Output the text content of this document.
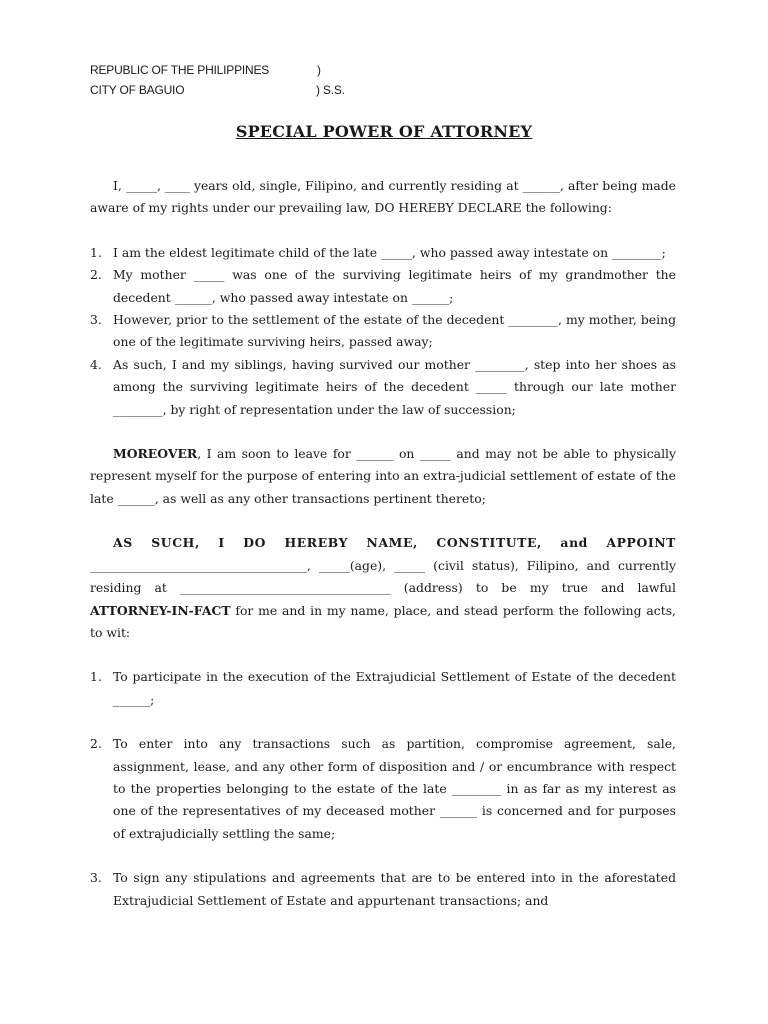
REPUBLIC OF THE PHILIPPINES	)
CITY OF BAGUIO	) S.S.
SPECIAL POWER OF ATTORNEY

I, _____, ____ years old, single, Filipino, and currently residing at ______, after being made aware of my rights under our prevailing law, DO HEREBY DECLARE the following:

1. I am the eldest legitimate child of the late _____, who passed away intestate on ________;
2. My mother _____ was one of the surviving legitimate heirs of my grandmother the decedent ______, who passed away intestate on ______;
3. However, prior to the settlement of the estate of the decedent ________, my mother, being one of the legitimate surviving heirs, passed away;
4. As such, I and my siblings, having survived our mother ________, step into her shoes as among the surviving legitimate heirs of the decedent _____ through our late mother ________, by right of representation under the law of succession;

MOREOVER, I am soon to leave for ______ on _____ and may not be able to physically represent myself for the purpose of entering into an extra-judicial settlement of estate of the late ______, as well as any other transactions pertinent thereto;

AS SUCH, I DO HEREBY NAME, CONSTITUTE, and APPOINT ___________________________________, _____(age), _____ (civil status), Filipino, and currently residing at __________________________________ (address) to be my true and lawful ATTORNEY-IN-FACT for me and in my name, place, and stead perform the following acts, to wit:

1. To participate in the execution of the Extrajudicial Settlement of Estate of the decedent ______;
2. To enter into any transactions such as partition, compromise agreement, sale, assignment, lease, and any other form of disposition and / or encumbrance with respect to the properties belonging to the estate of the late ________ in as far as my interest as one of the representatives of my deceased mother ______ is concerned and for purposes of extrajudicially settling the same;
3. To sign any stipulations and agreements that are to be entered into in the aforestated Extrajudicial Settlement of Estate and appurtenant transactions; and
